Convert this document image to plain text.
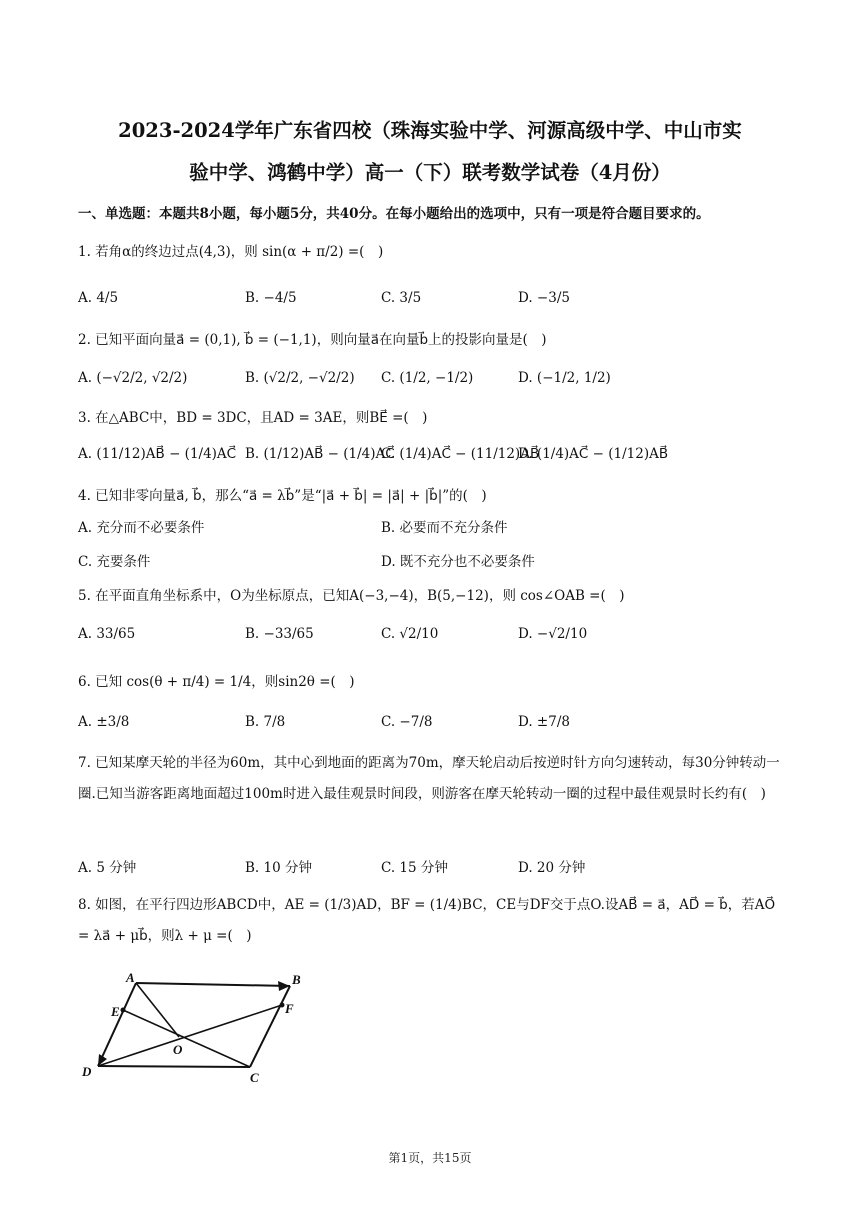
2023-2024学年广东省四校（珠海实验中学、河源高级中学、中山市实
验中学、鸿鹤中学）高一（下）联考数学试卷（4月份）
一、单选题：本题共8小题，每小题5分，共40分。在每小题给出的选项中，只有一项是符合题目要求的。
1. 若角α的终边过点(4,3)，则 sin(α + π/2) =(　)
A. 4/5	B. −4/5	C. 3/5	D. −3/5
2. 已知平面向量a⃗ = (0,1), b⃗ = (−1,1)，则向量a⃗在向量b⃗上的投影向量是(　)
A. (−√2/2, √2/2)	B. (√2/2, −√2/2) C. (1/2, −1/2)	D. (−1/2, 1/2)
3. 在△ABC中，BD = 3DC，且AD = 3AE，则BE⃗ =(　)
A. (11/12)AB⃗ − (1/4)AC⃗ B. (1/12)AB⃗ − (1/4)AC⃗
C. (1/4)AC⃗ − (11/12)AB⃗
D. (1/4)AC⃗ − (1/12)AB⃗
4. 已知非零向量a⃗, b⃗，那么“a⃗ = λb⃗”是“|a⃗ + b⃗| = |a⃗| + |b⃗|”的(　)
A. 充分而不必要条件	B. 必要而不充分条件
C. 充要条件	D. 既不充分也不必要条件
5. 在平面直角坐标系中，O为坐标原点，已知A(−3,−4)，B(5,−12)，则 cos∠OAB =(　)
A. 33/65	B. −33/65	C. √2/10	D. −√2/10
6. 已知 cos(θ + π/4) = 1/4，则sin2θ =(　)
A. ±3/8	B. 7/8	C. −7/8	D. ±7/8
7. 已知某摩天轮的半径为60m，其中心到地面的距离为70m，摩天轮启动后按逆时针方向匀速转动，每30分钟转动一圈.已知当游客距离地面超过100m时进入最佳观景时间段，则游客在摩天轮转动一圈的过程中最佳观景时长约有(　)
A. 5 分钟	B. 10 分钟	C. 15 分钟	D. 20 分钟
8. 如图，在平行四边形ABCD中，AE = (1/3)AD，BF = (1/4)BC，CE与DF交于点O.设AB⃗ = a⃗，AD⃗ = b⃗，若AO⃗ = λa⃗ + μb⃗，则λ + μ =(　)
A	B
E	F
O
D	C
第1页，共15页
